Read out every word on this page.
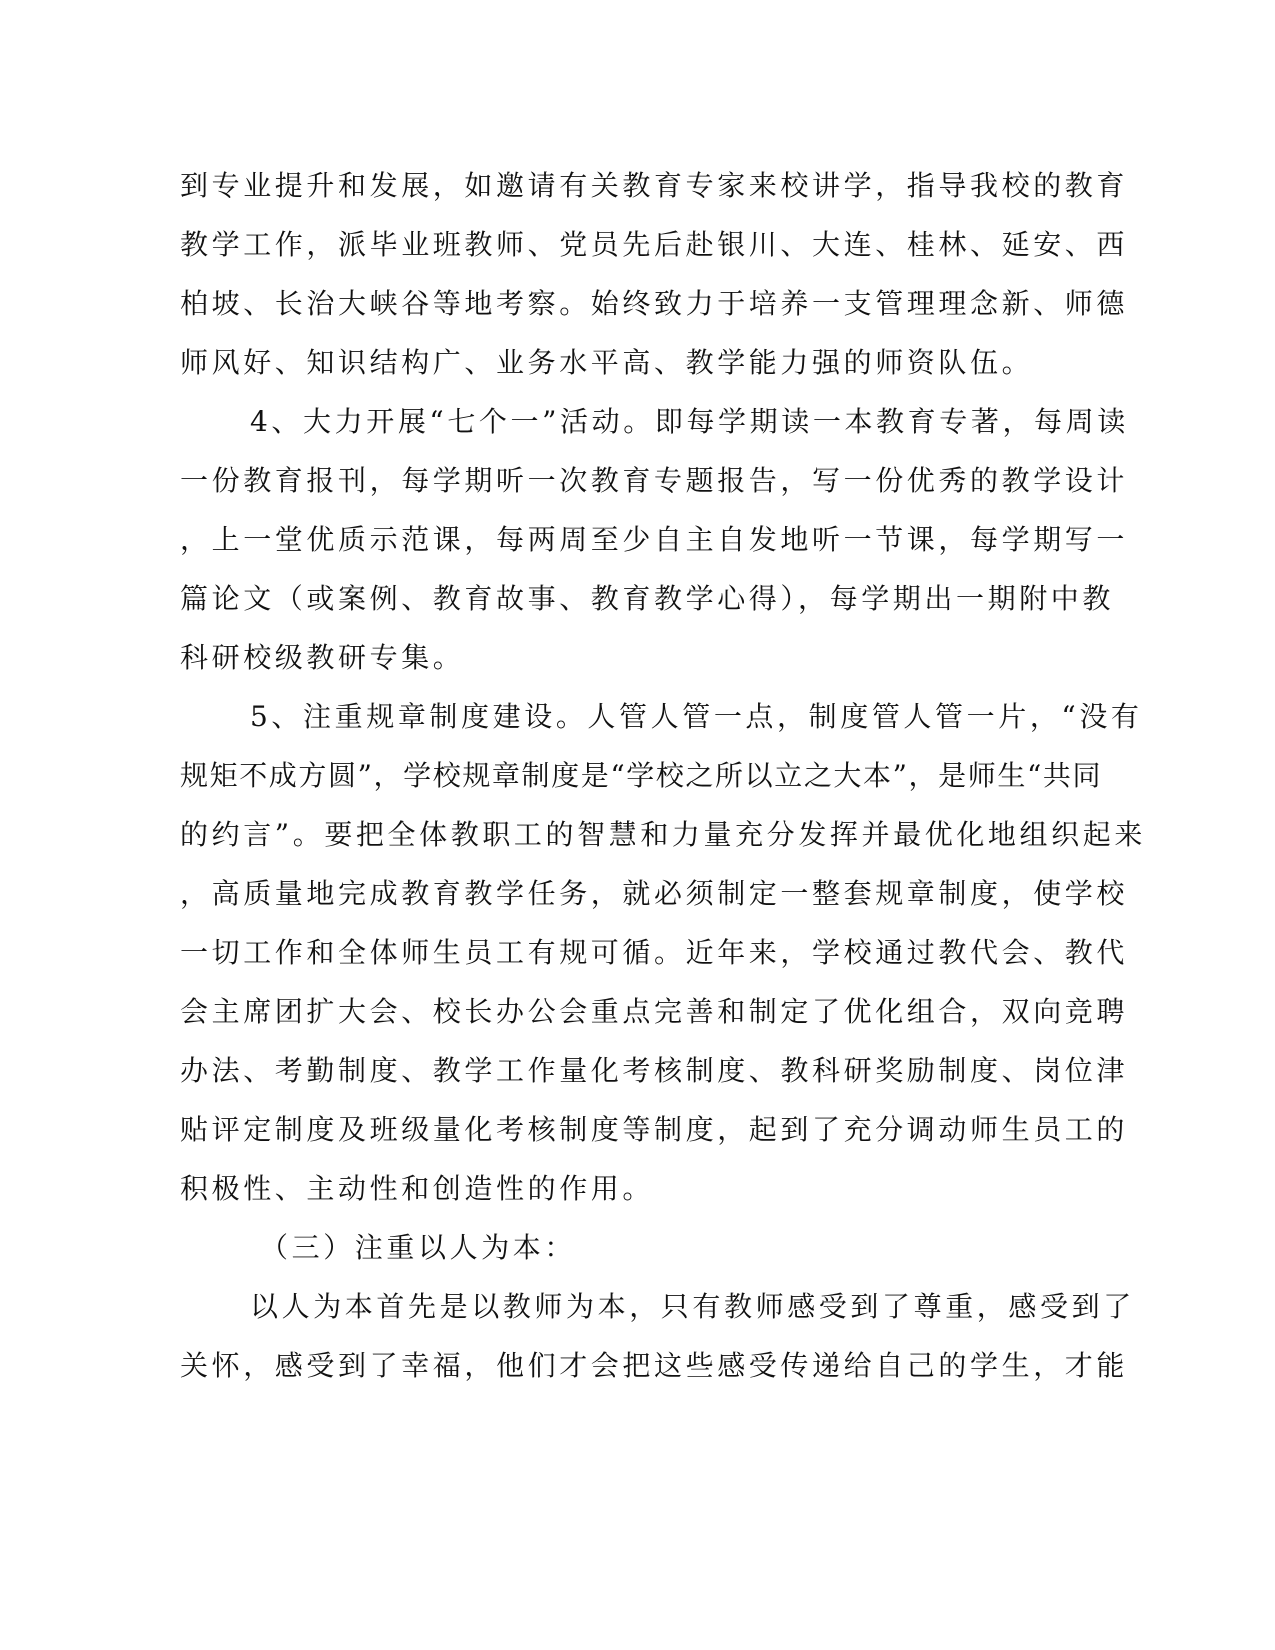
到专业提升和发展，如邀请有关教育专家来校讲学，指导我校的教育
教学工作，派毕业班教师、党员先后赴银川、大连、桂林、延安、西
柏坡、长治大峡谷等地考察。始终致力于培养一支管理理念新、师德
师风好、知识结构广、业务水平高、教学能力强的师资队伍。
4、大力开展“七个一”活动。即每学期读一本教育专著，每周读
一份教育报刊，每学期听一次教育专题报告，写一份优秀的教学设计
，上一堂优质示范课，每两周至少自主自发地听一节课，每学期写一
篇论文（或案例、教育故事、教育教学心得），每学期出一期附中教
科研校级教研专集。
5、注重规章制度建设。人管人管一点，制度管人管一片，“没有
规矩不成方圆”，学校规章制度是“学校之所以立之大本”，是师生“共同
的约言”。要把全体教职工的智慧和力量充分发挥并最优化地组织起来
，高质量地完成教育教学任务，就必须制定一整套规章制度，使学校
一切工作和全体师生员工有规可循。近年来，学校通过教代会、教代
会主席团扩大会、校长办公会重点完善和制定了优化组合，双向竞聘
办法、考勤制度、教学工作量化考核制度、教科研奖励制度、岗位津
贴评定制度及班级量化考核制度等制度，起到了充分调动师生员工的
积极性、主动性和创造性的作用。
（三）注重以人为本：
以人为本首先是以教师为本，只有教师感受到了尊重，感受到了
关怀，感受到了幸福，他们才会把这些感受传递给自己的学生，才能
